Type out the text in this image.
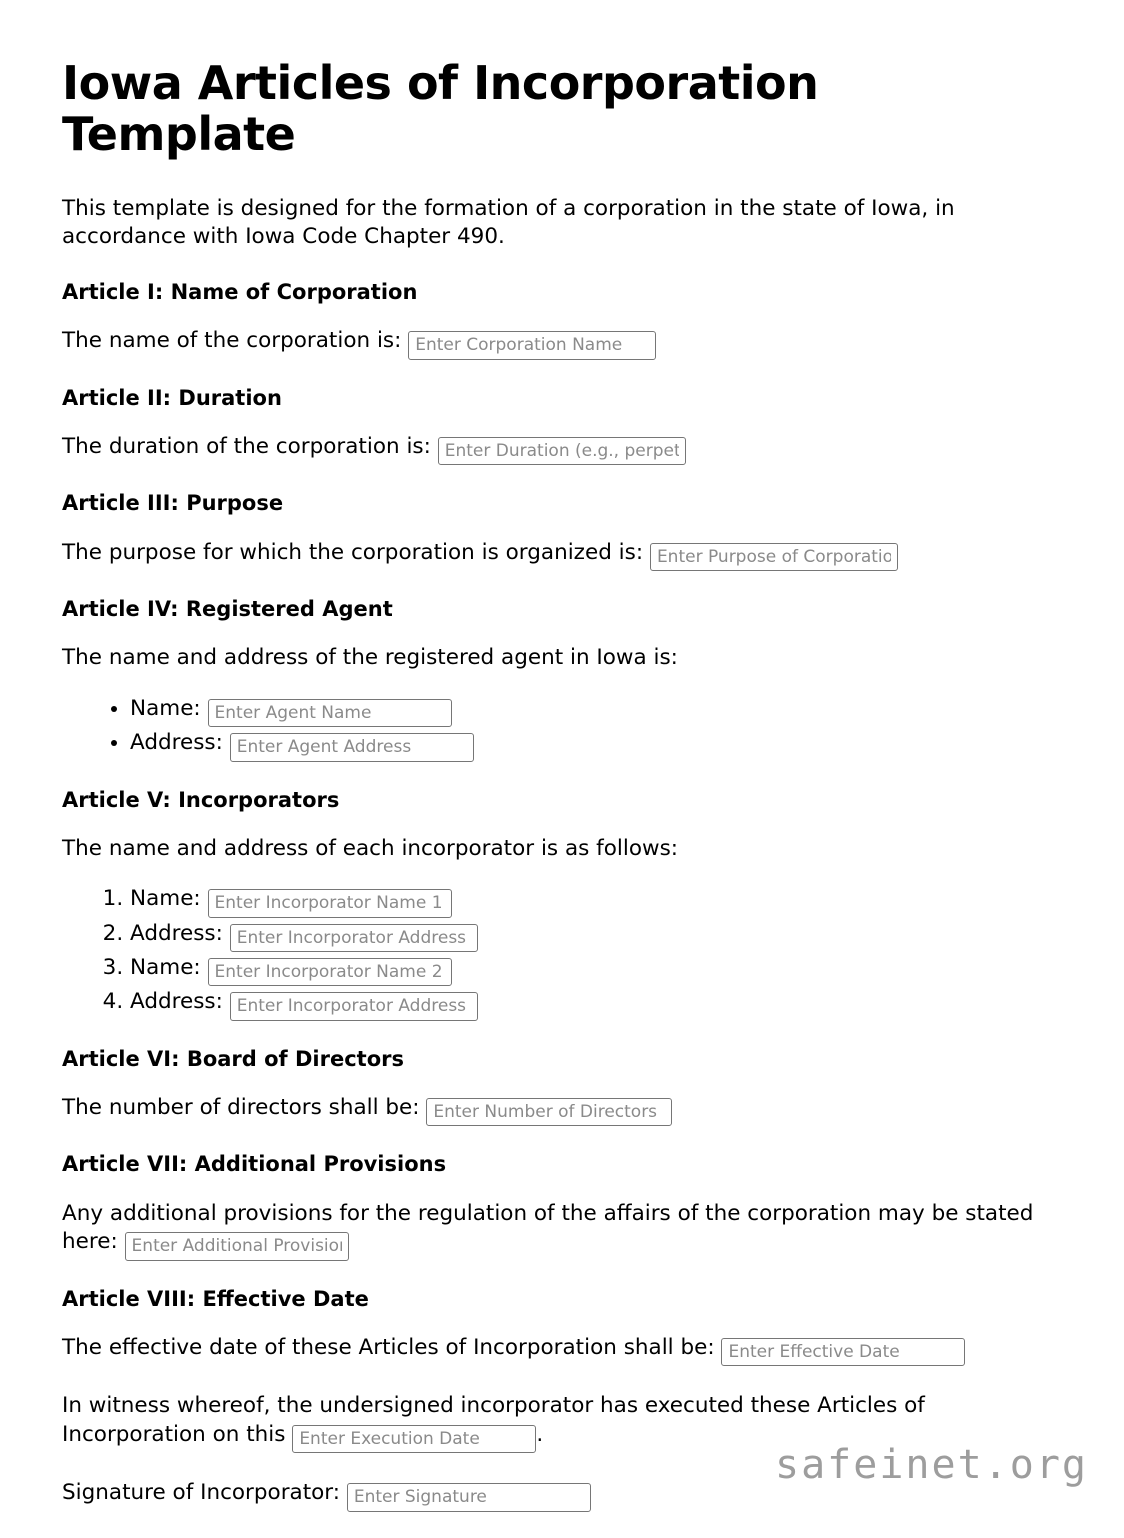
Iowa Articles of Incorporation Template

This template is designed for the formation of a corporation in the state of Iowa, in accordance with Iowa Code Chapter 490.

Article I: Name of Corporation

The name of the corporation is: Enter Corporation Name

Article II: Duration

The duration of the corporation is: Enter Duration (e.g., perpetual)

Article III: Purpose

The purpose for which the corporation is organized is: Enter Purpose of Corporation

Article IV: Registered Agent

The name and address of the registered agent in Iowa is:

• Name: Enter Agent Name
• Address: Enter Agent Address
Article V: Incorporators

The name and address of each incorporator is as follows:

1. Name: Enter Incorporator Name 1
2. Address: Enter Incorporator Address 1
3. Name: Enter Incorporator Name 2
4. Address: Enter Incorporator Address 2
Article VI: Board of Directors

The number of directors shall be: Enter Number of Directors

Article VII: Additional Provisions

Any additional provisions for the regulation of the affairs of the corporation may be stated here: Enter Additional Provisions

Article VIII: Effective Date

The effective date of these Articles of Incorporation shall be: Enter Effective Date

In witness whereof, the undersigned incorporator has executed these Articles of Incorporation on this Enter Execution Date	.

Signature of Incorporator: Enter Signature

safeinet.org
